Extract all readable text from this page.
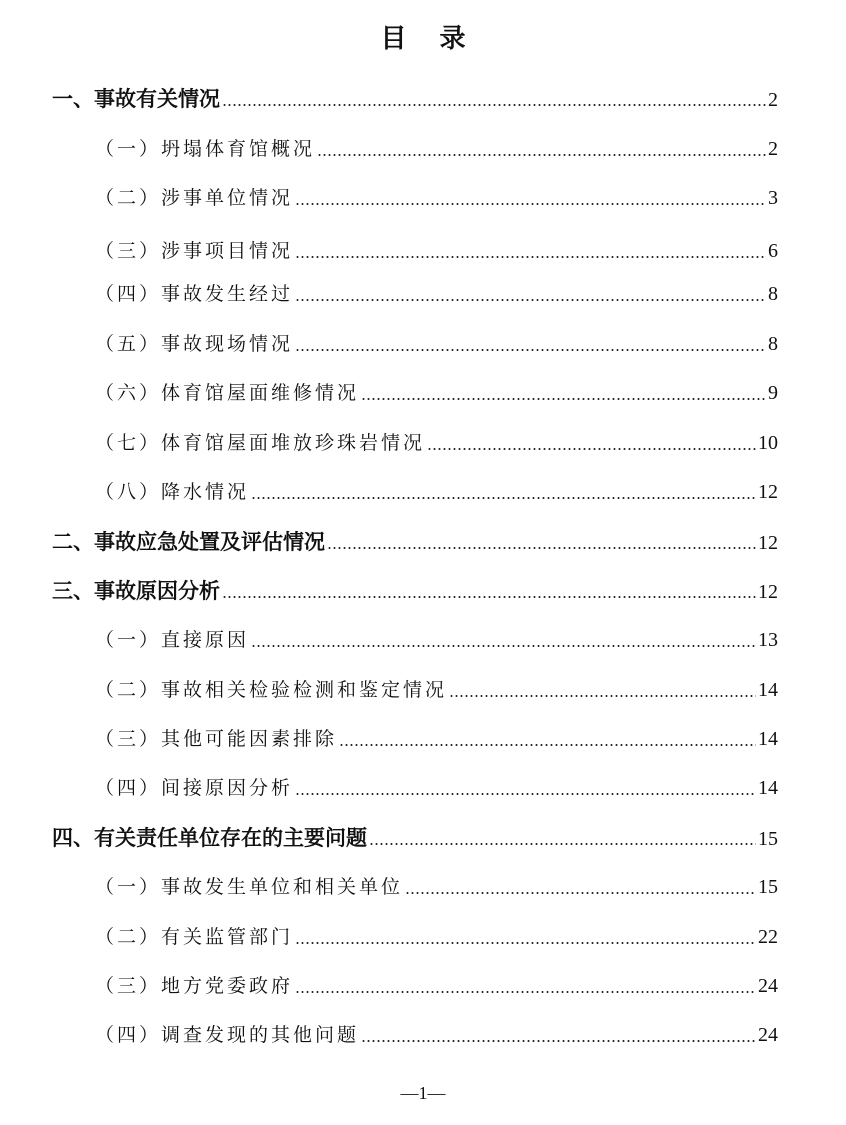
目 录
一、事故有关情况	2
（一）坍塌体育馆概况	2
（二）涉事单位情况	3
（三）涉事项目情况	6
（四）事故发生经过	8
（五）事故现场情况	8
（六）体育馆屋面维修情况	9
（七）体育馆屋面堆放珍珠岩情况	10
（八）降水情况	12
二、事故应急处置及评估情况	12
三、事故原因分析	12
（一）直接原因	13
（二）事故相关检验检测和鉴定情况	14
（三）其他可能因素排除	14
（四）间接原因分析	14
四、有关责任单位存在的主要问题	15
（一）事故发生单位和相关单位	15
（二）有关监管部门	22
（三）地方党委政府	24
（四）调查发现的其他问题	24
—1—
